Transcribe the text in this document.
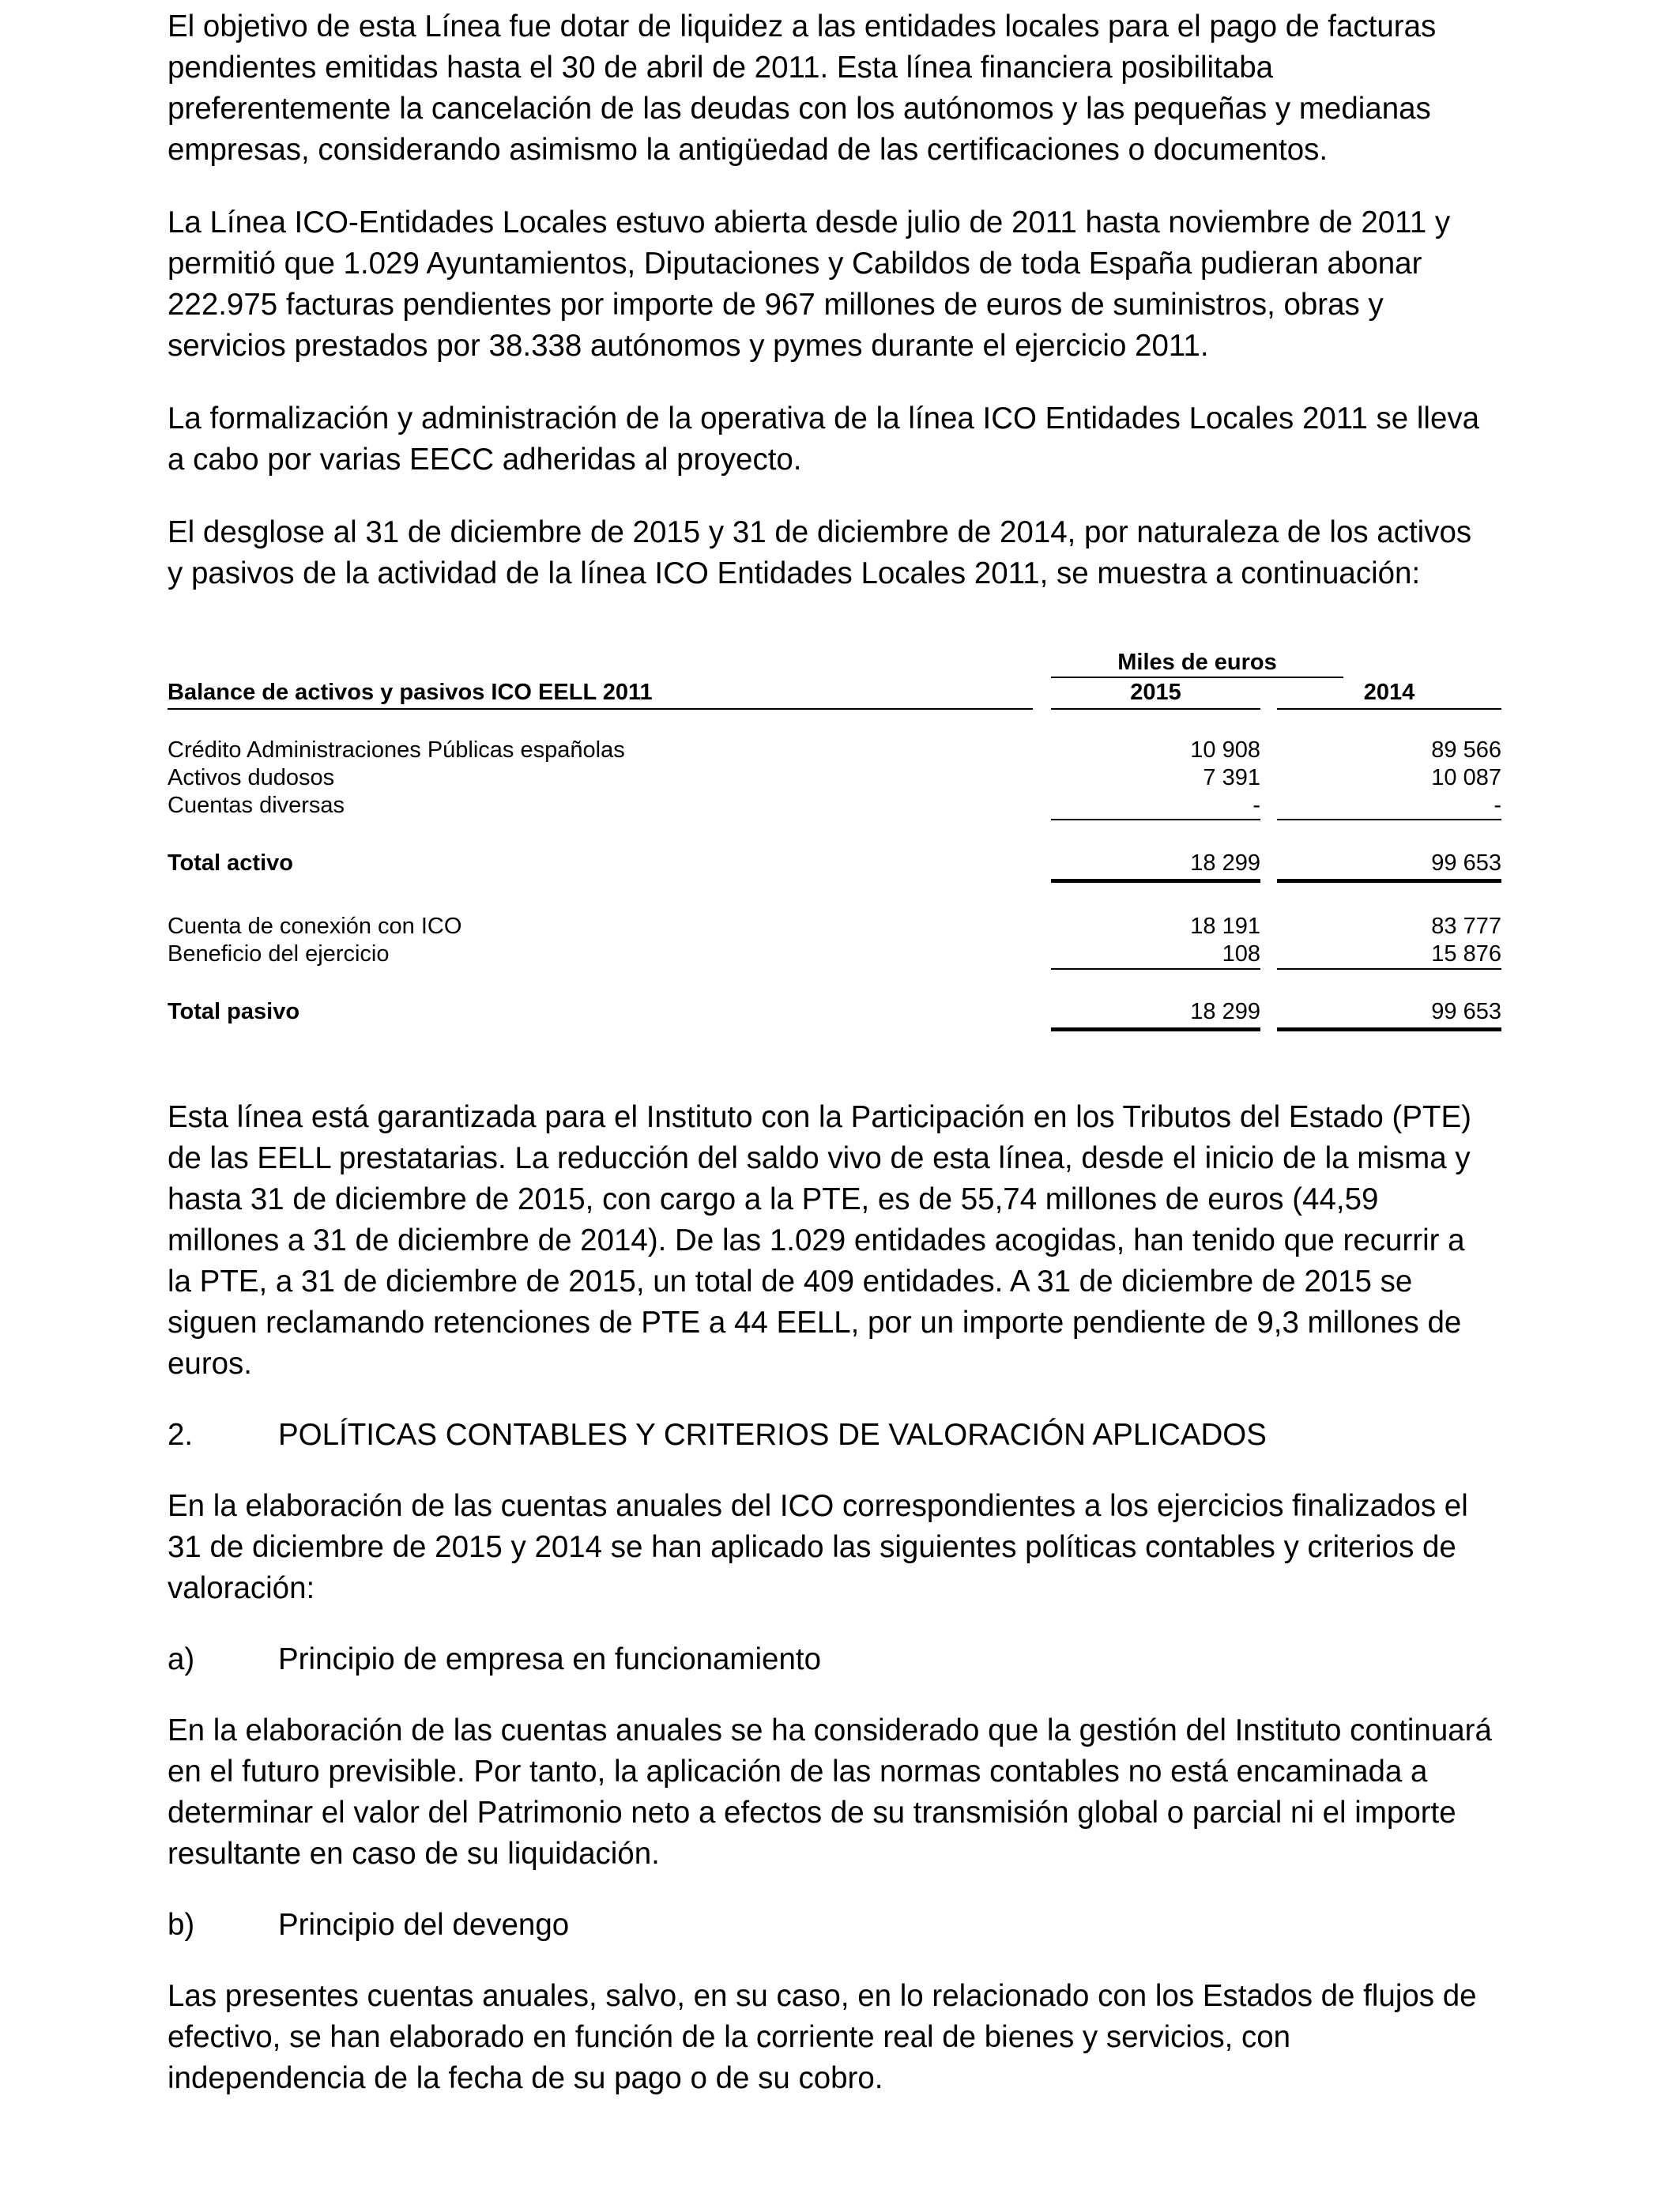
El objetivo de esta Línea fue dotar de liquidez a las entidades locales para el pago de facturas pendientes emitidas hasta el 30 de abril de 2011. Esta línea financiera posibilitaba preferentemente la cancelación de las deudas con los autónomos y las pequeñas y medianas empresas, considerando asimismo la antigüedad de las certificaciones o documentos.

La Línea ICO-Entidades Locales estuvo abierta desde julio de 2011 hasta noviembre de 2011 y permitió que 1.029 Ayuntamientos, Diputaciones y Cabildos de toda España pudieran abonar 222.975 facturas pendientes por importe de 967 millones de euros de suministros, obras y servicios prestados por 38.338 autónomos y pymes durante el ejercicio 2011.

La formalización y administración de la operativa de la línea ICO Entidades Locales 2011 se lleva a cabo por varias EECC adheridas al proyecto.

El desglose al 31 de diciembre de 2015 y 31 de diciembre de 2014, por naturaleza de los activos y pasivos de la actividad de la línea ICO Entidades Locales 2011, se muestra a continuación:

Miles de euros
Balance de activos y pasivos ICO EELL 2011	2015	2014
Crédito Administraciones Públicas españolas	10 908	89 566
Activos dudosos	7 391	10 087
Cuentas diversas	-	-
Total activo	18 299	99 653
Cuenta de conexión con ICO	18 191	83 777
Beneficio del ejercicio	108	15 876
Total pasivo	18 299	99 653

Esta línea está garantizada para el Instituto con la Participación en los Tributos del Estado (PTE) de las EELL prestatarias. La reducción del saldo vivo de esta línea, desde el inicio de la misma y hasta 31 de diciembre de 2015, con cargo a la PTE, es de 55,74 millones de euros (44,59 millones a 31 de diciembre de 2014). De las 1.029 entidades acogidas, han tenido que recurrir a la PTE, a 31 de diciembre de 2015, un total de 409 entidades. A 31 de diciembre de 2015 se siguen reclamando retenciones de PTE a 44 EELL, por un importe pendiente de 9,3 millones de euros.

2.	POLÍTICAS CONTABLES Y CRITERIOS DE VALORACIÓN APLICADOS

En la elaboración de las cuentas anuales del ICO correspondientes a los ejercicios finalizados el 31 de diciembre de 2015 y 2014 se han aplicado las siguientes políticas contables y criterios de valoración:

a)	Principio de empresa en funcionamiento

En la elaboración de las cuentas anuales se ha considerado que la gestión del Instituto continuará en el futuro previsible. Por tanto, la aplicación de las normas contables no está encaminada a determinar el valor del Patrimonio neto a efectos de su transmisión global o parcial ni el importe resultante en caso de su liquidación.

b)	Principio del devengo

Las presentes cuentas anuales, salvo, en su caso, en lo relacionado con los Estados de flujos de efectivo, se han elaborado en función de la corriente real de bienes y servicios, con independencia de la fecha de su pago o de su cobro.
